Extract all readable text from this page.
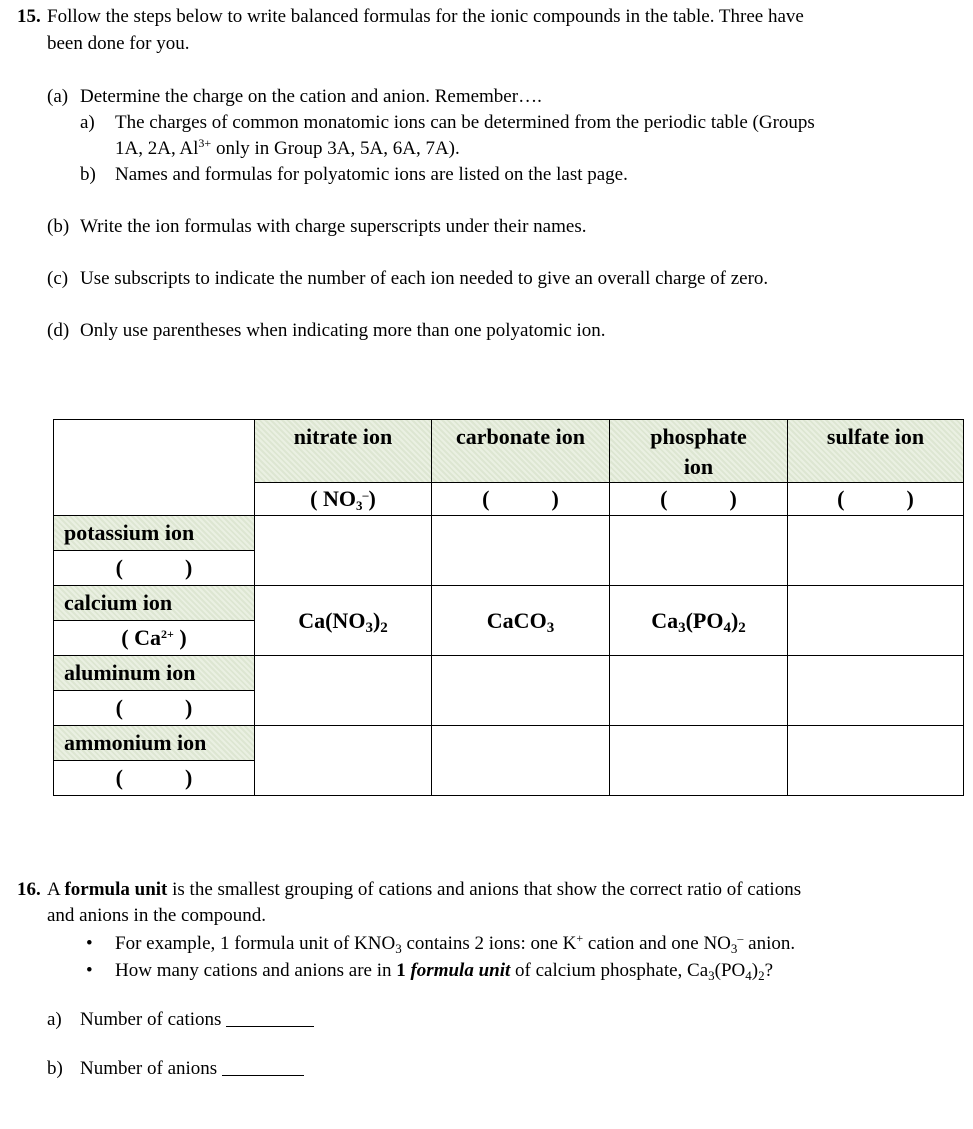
15. Follow the steps below to write balanced formulas for the ionic compounds in the table. Three have
been done for you.
(a) Determine the charge on the cation and anion. Remember….
a) The charges of common monatomic ions can be determined from the periodic table (Groups
1A, 2A, $Al^{3+}$ only in Group 3A, 5A, 6A, 7A).
b) Names and formulas for polyatomic ions are listed on the last page.
(b) Write the ion formulas with charge superscripts under their names.
(c) Use subscripts to indicate the number of each ion needed to give an overall charge of zero.
(d) Only use parentheses when indicating more than one polyatomic ion.
	nitrate ion	carbonate ion	phosphate
ion	sulfate ion
	( $NO_3^-$)	( )	( )	( )
potassium ion				
( )				
calcium ion	$Ca(NO_3)_2$	CaCO$_3$	$Ca_3(PO_4)_2$	
( $Ca^{2+}$ )				
aluminum ion				
( )				
ammonium ion				
( )				
16. A formula unit is the smallest grouping of cations and anions that show the correct ratio of cations
and anions in the compound.
• For example, 1 formula unit of $KNO_3$ contains 2 ions: one K+ cation and one $NO_3^-$ anion.
• How many cations and anions are in 1 formula unit of calcium phosphate, $Ca_3(PO_4)_2$?
a) Number of cations
b) Number of anions
